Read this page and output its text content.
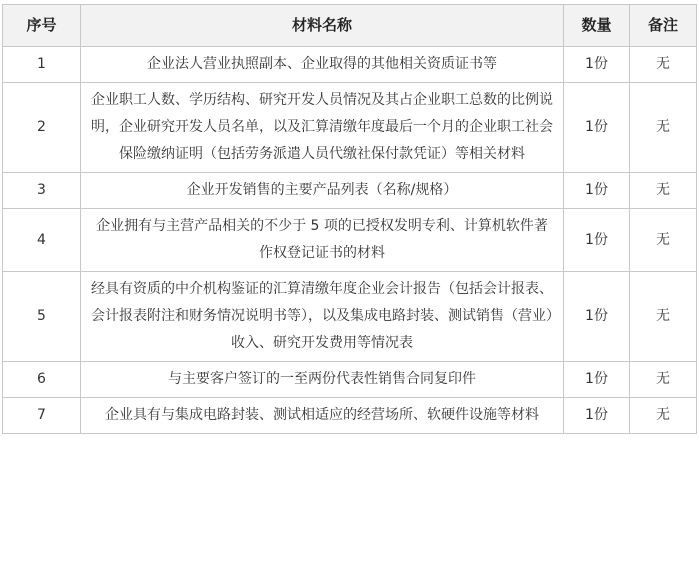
序号	材料名称	数量	备注
1	企业法人营业执照副本、企业取得的其他相关资质证书等	1份	无
2	企业职工人数、学历结构、研究开发人员情况及其占企业职工总数的比例说明，企业研究开发人员名单，以及汇算清缴年度最后一个月的企业职工社会保险缴纳证明（包括劳务派遣人员代缴社保付款凭证）等相关材料	1份	无
3	企业开发销售的主要产品列表（名称/规格）	1份	无
4	企业拥有与主营产品相关的不少于 5 项的已授权发明专利、计算机软件著作权登记证书的材料	1份	无
5	经具有资质的中介机构鉴证的汇算清缴年度企业会计报告（包括会计报表、会计报表附注和财务情况说明书等），以及集成电路封装、测试销售（营业）收入、研究开发费用等情况表	1份	无
6	与主要客户签订的一至两份代表性销售合同复印件	1份	无
7	企业具有与集成电路封装、测试相适应的经营场所、软硬件设施等材料	1份	无
